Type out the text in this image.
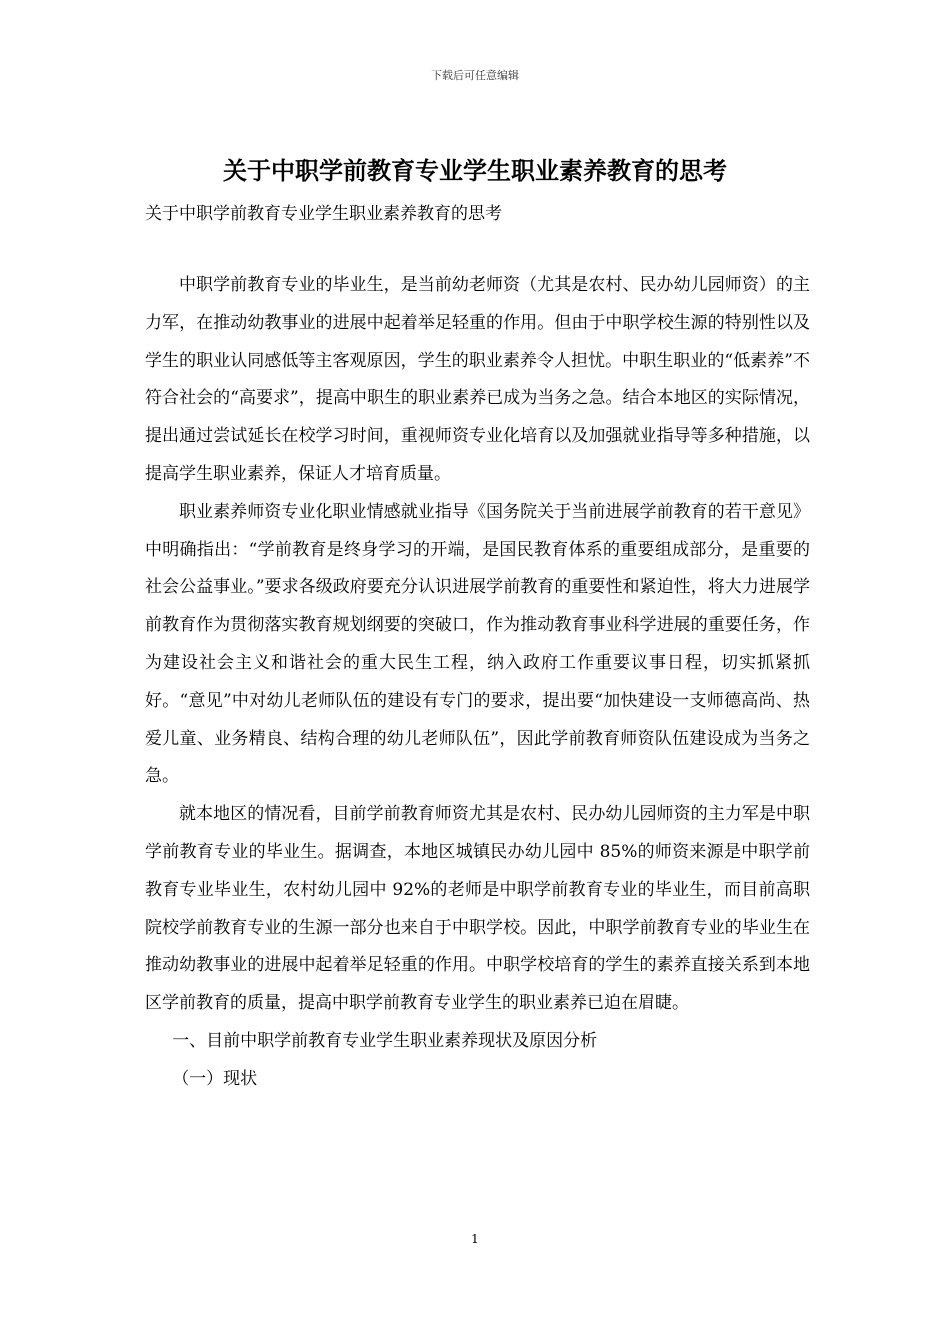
下载后可任意编辑
关于中职学前教育专业学生职业素养教育的思考
关于中职学前教育专业学生职业素养教育的思考

中职学前教育专业的毕业生，是当前幼老师资（尤其是农村、民办幼儿园师资）的主力军，在推动幼教事业的进展中起着举足轻重的作用。但由于中职学校生源的特别性以及学生的职业认同感低等主客观原因，学生的职业素养令人担忧。中职生职业的“低素养”不符合社会的“高要求”，提高中职生的职业素养已成为当务之急。结合本地区的实际情况，提出通过尝试延长在校学习时间，重视师资专业化培育以及加强就业指导等多种措施，以提高学生职业素养，保证人才培育质量。

职业素养师资专业化职业情感就业指导《国务院关于当前进展学前教育的若干意见》中明确指出：“学前教育是终身学习的开端，是国民教育体系的重要组成部分，是重要的社会公益事业。”要求各级政府要充分认识进展学前教育的重要性和紧迫性，将大力进展学前教育作为贯彻落实教育规划纲要的突破口，作为推动教育事业科学进展的重要任务，作为建设社会主义和谐社会的重大民生工程，纳入政府工作重要议事日程，切实抓紧抓好。“意见”中对幼儿老师队伍的建设有专门的要求，提出要“加快建设一支师德高尚、热爱儿童、业务精良、结构合理的幼儿老师队伍”，因此学前教育师资队伍建设成为当务之急。

就本地区的情况看，目前学前教育师资尤其是农村、民办幼儿园师资的主力军是中职学前教育专业的毕业生。据调查，本地区城镇民办幼儿园中 85%的师资来源是中职学前教育专业毕业生，农村幼儿园中 92%的老师是中职学前教育专业的毕业生，而目前高职院校学前教育专业的生源一部分也来自于中职学校。因此，中职学前教育专业的毕业生在推动幼教事业的进展中起着举足轻重的作用。中职学校培育的学生的素养直接关系到本地区学前教育的质量，提高中职学前教育专业学生的职业素养已迫在眉睫。

一、目前中职学前教育专业学生职业素养现状及原因分析

（一）现状

1
